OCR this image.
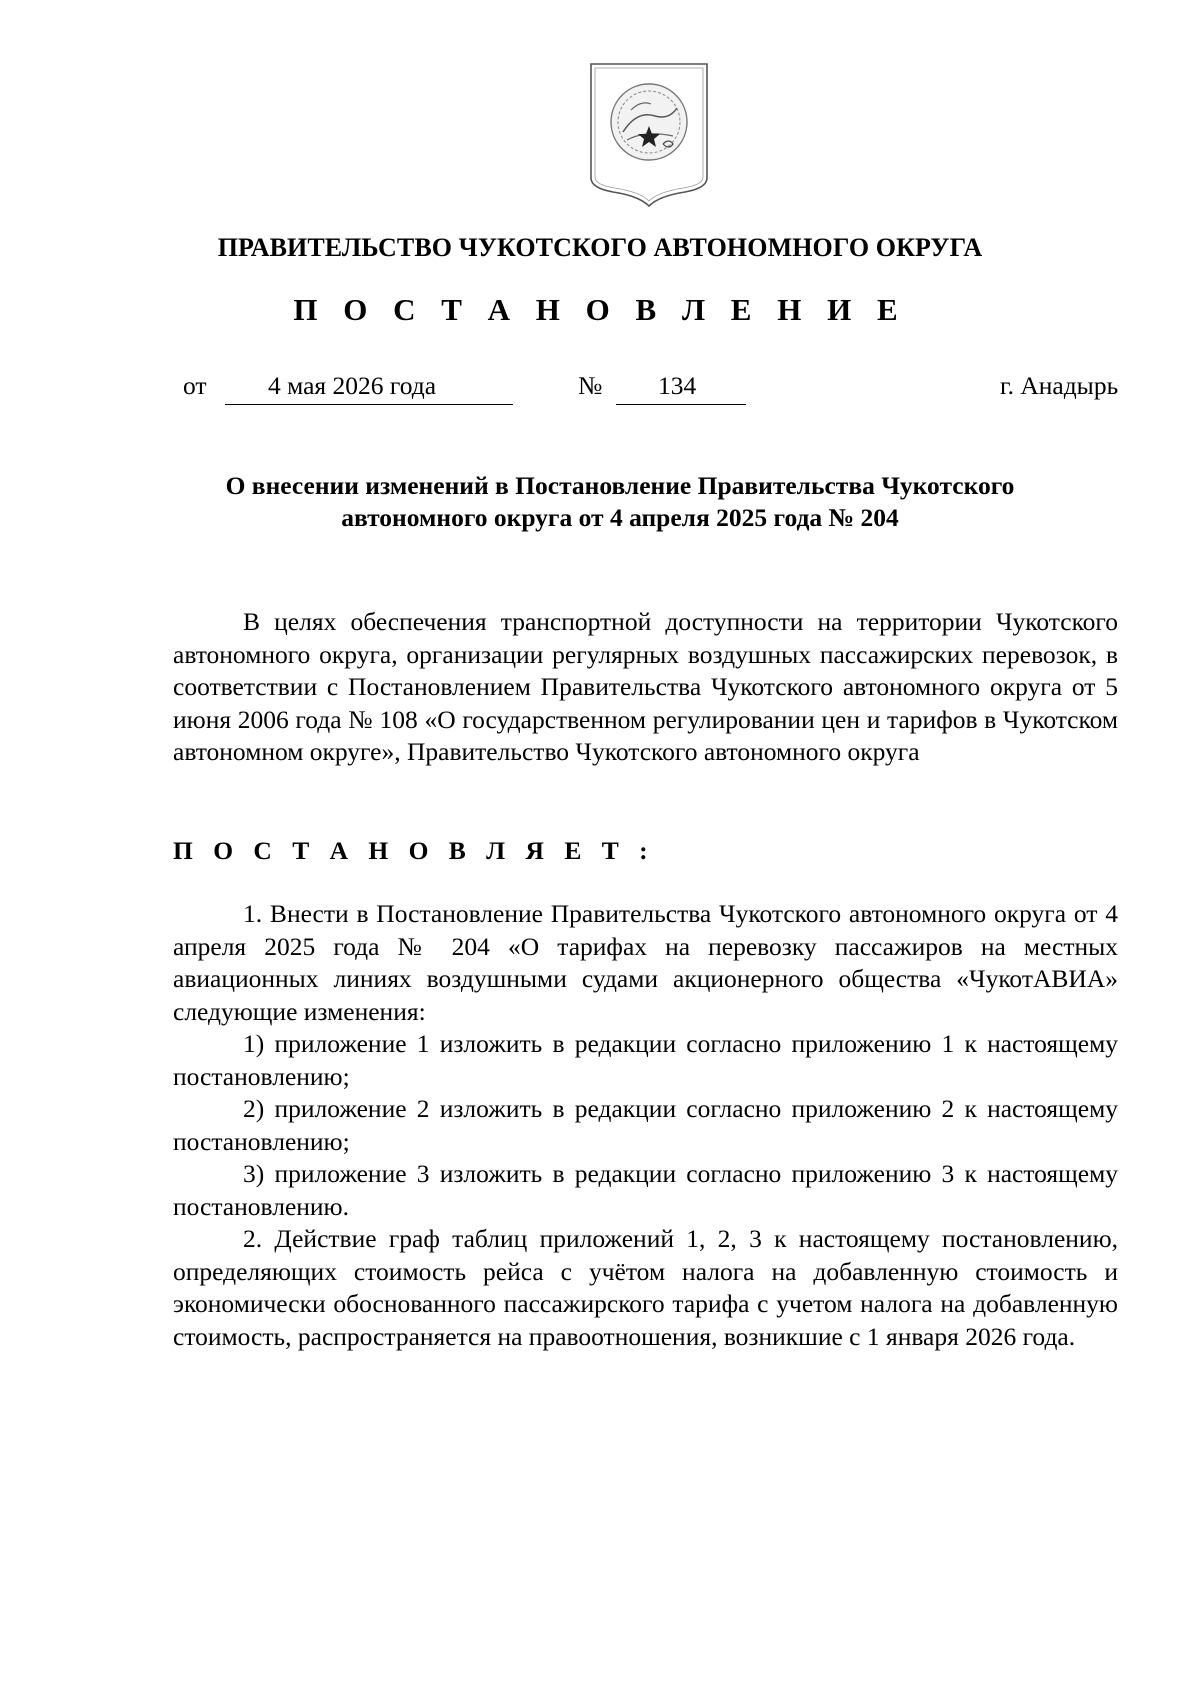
ПРАВИТЕЛЬСТВО ЧУКОТСКОГО АВТОНОМНОГО ОКРУГА
П О С Т А Н О В Л Е Н И Е
от 4 мая 2026 года	№ 134	г. Анадырь
О внесении изменений в Постановление Правительства Чукотского
автономного округа от 4 апреля 2025 года № 204

В целях обеспечения транспортной доступности на территории Чукотского автономного округа, организации регулярных воздушных пассажирских перевозок, в соответствии с Постановлением Правительства Чукотского автономного округа от 5 июня 2006 года № 108 «О государственном регулировании цен и тарифов в Чукотском автономном округе», Правительство Чукотского автономного округа

П О С Т А Н О В Л Я Е Т :

1. Внести в Постановление Правительства Чукотского автономного округа от 4 апреля 2025 года № 204 «О тарифах на перевозку пассажиров на местных авиационных линиях воздушными судами акционерного общества «ЧукотАВИА» следующие изменения:

1) приложение 1 изложить в редакции согласно приложению 1 к настоящему постановлению;

2) приложение 2 изложить в редакции согласно приложению 2 к настоящему постановлению;

3) приложение 3 изложить в редакции согласно приложению 3 к настоящему постановлению.

2. Действие граф таблиц приложений 1, 2, 3 к настоящему постановлению, определяющих стоимость рейса с учётом налога на добавленную стоимость и экономически обоснованного пассажирского тарифа с учетом налога на добавленную стоимость, распространяется на правоотношения, возникшие с 1 января 2026 года.
